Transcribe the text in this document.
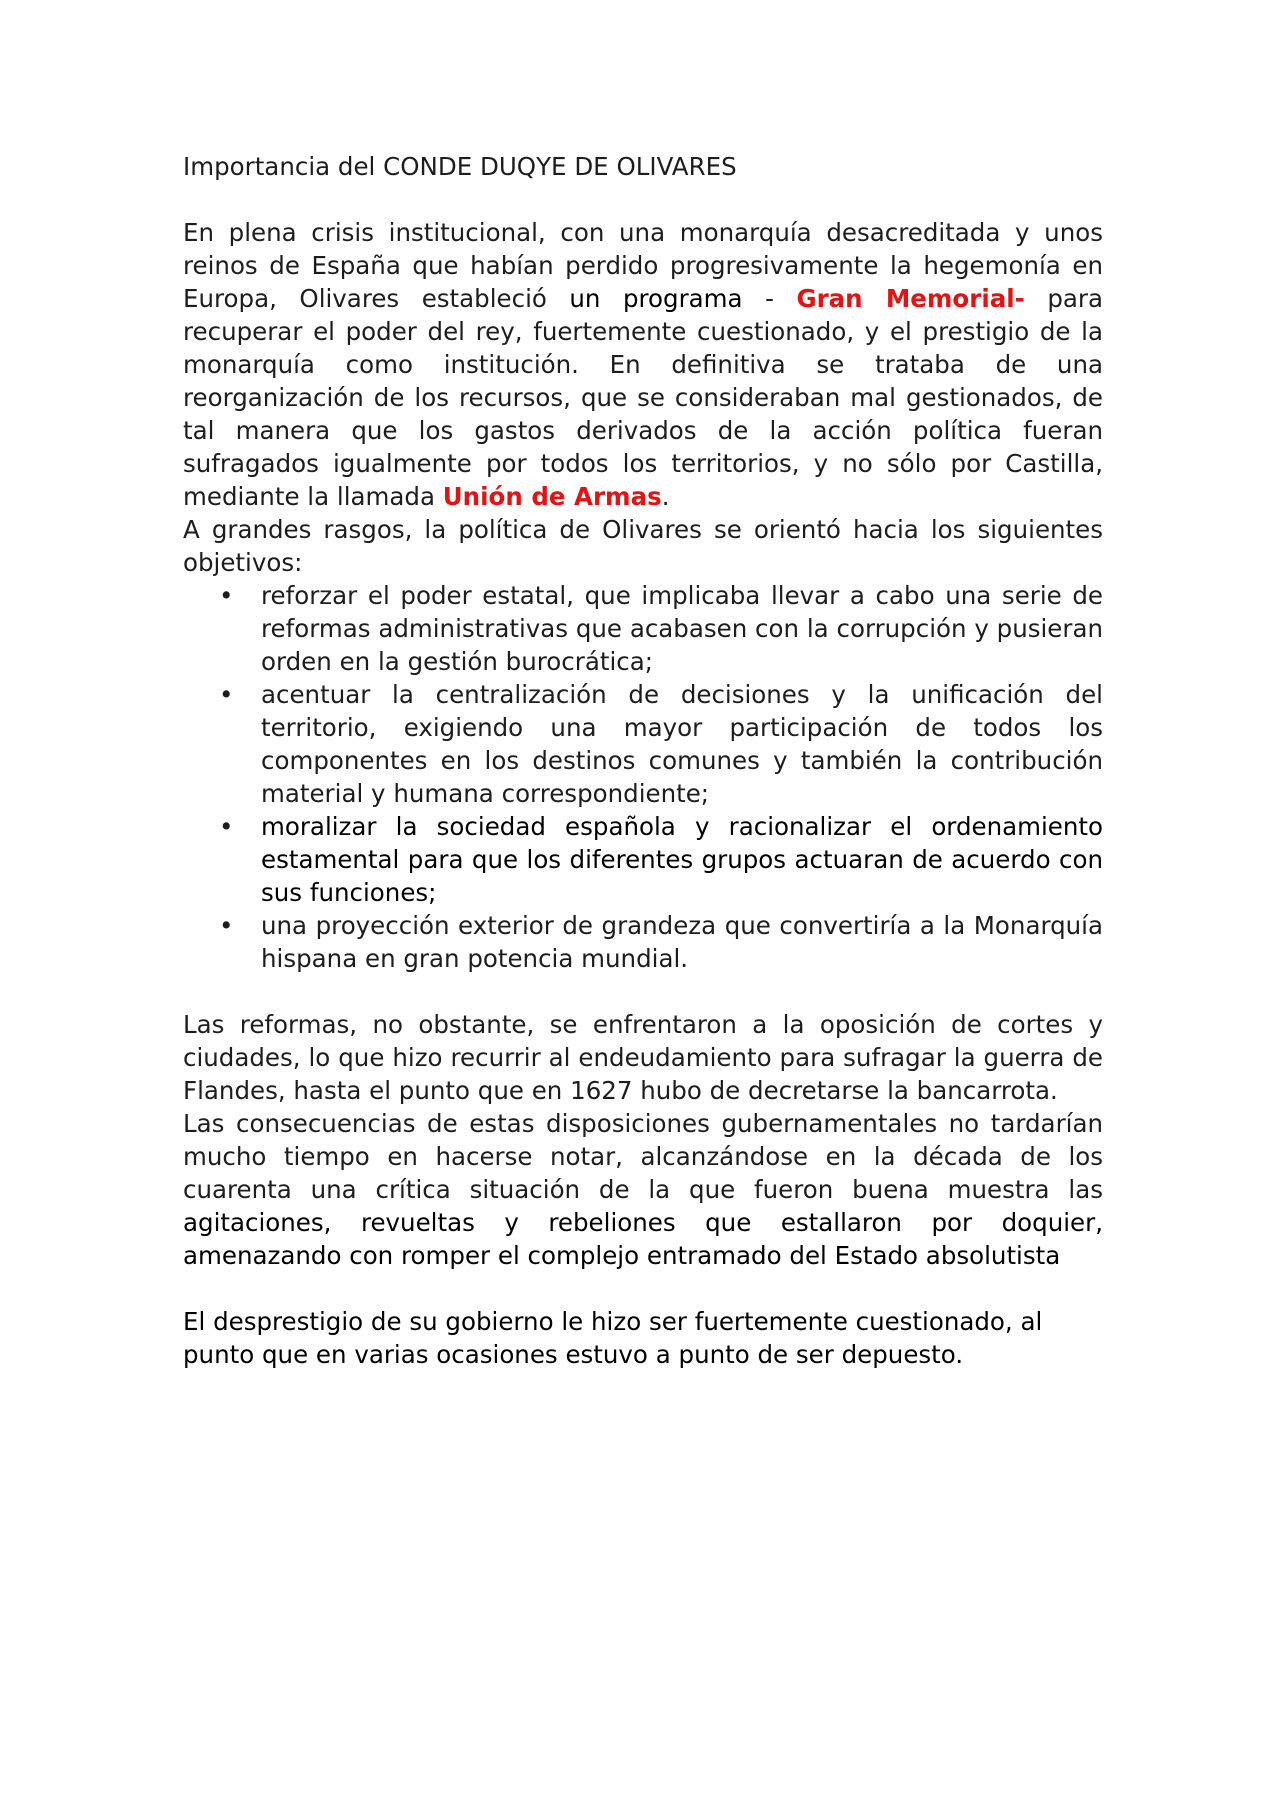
Importancia del CONDE DUQYE DE OLIVARES

En plena crisis institucional, con una monarquía desacreditada y unos reinos de España que habían perdido progresivamente la hegemonía en Europa, Olivares estableció un programa - Gran Memorial- para recuperar el poder del rey, fuertemente cuestionado, y el prestigio de la monarquía como institución. En definitiva se trataba de una reorganización de los recursos, que se consideraban mal gestionados, de tal manera que los gastos derivados de la acción política fueran sufragados igualmente por todos los territorios, y no sólo por Castilla, mediante la llamada Unión de Armas.

A grandes rasgos, la política de Olivares se orientó hacia los siguientes objetivos:

• reforzar el poder estatal, que implicaba llevar a cabo una serie de reformas administrativas que acabasen con la corrupción y pusieran orden en la gestión burocrática;
• acentuar la centralización de decisiones y la unificación del territorio, exigiendo una mayor participación de todos los componentes en los destinos comunes y también la contribución material y humana correspondiente;
• moralizar la sociedad española y racionalizar el ordenamiento estamental para que los diferentes grupos actuaran de acuerdo con sus funciones;
• una proyección exterior de grandeza que convertiría a la Monarquía hispana en gran potencia mundial.

Las reformas, no obstante, se enfrentaron a la oposición de cortes y ciudades, lo que hizo recurrir al endeudamiento para sufragar la guerra de Flandes, hasta el punto que en 1627 hubo de decretarse la bancarrota.

Las consecuencias de estas disposiciones gubernamentales no tardarían mucho tiempo en hacerse notar, alcanzándose en la década de los cuarenta una crítica situación de la que fueron buena muestra las agitaciones, revueltas y rebeliones que estallaron por doquier, amenazando con romper el complejo entramado del Estado absolutista

El desprestigio de su gobierno le hizo ser fuertemente cuestionado, al punto que en varias ocasiones estuvo a punto de ser depuesto.
